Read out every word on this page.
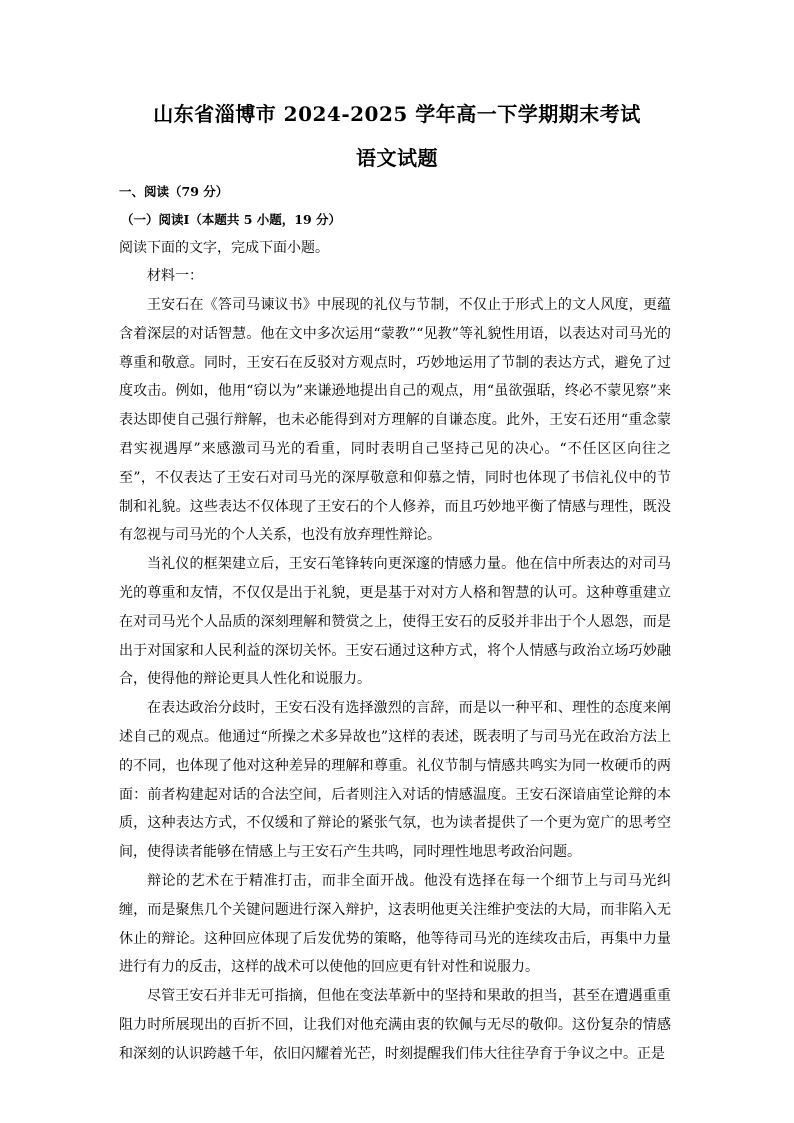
山东省淄博市 2024-2025 学年高一下学期期末考试
语文试题
一、阅读（79 分）
（一）阅读Ⅰ（本题共 5 小题，19 分）
阅读下面的文字，完成下面小题。
材料一：

王安石在《答司马谏议书》中展现的礼仪与节制，不仅止于形式上的文人风度，更蕴含着深层的对话智慧。他在文中多次运用“蒙教”“见教”等礼貌性用语，以表达对司马光的尊重和敬意。同时，王安石在反驳对方观点时，巧妙地运用了节制的表达方式，避免了过度攻击。例如，他用“窃以为”来谦逊地提出自己的观点，用“虽欲强聒，终必不蒙见察”来表达即使自己强行辩解，也未必能得到对方理解的自谦态度。此外，王安石还用“重念蒙君实视遇厚”来感激司马光的看重，同时表明自己坚持己见的决心。“不任区区向往之至”，不仅表达了王安石对司马光的深厚敬意和仰慕之情，同时也体现了书信礼仪中的节制和礼貌。这些表达不仅体现了王安石的个人修养，而且巧妙地平衡了情感与理性，既没有忽视与司马光的个人关系，也没有放弃理性辩论。

当礼仪的框架建立后，王安石笔锋转向更深邃的情感力量。他在信中所表达的对司马光的尊重和友情，不仅仅是出于礼貌，更是基于对对方人格和智慧的认可。这种尊重建立在对司马光个人品质的深刻理解和赞赏之上，使得王安石的反驳并非出于个人恩怨，而是出于对国家和人民利益的深切关怀。王安石通过这种方式，将个人情感与政治立场巧妙融合，使得他的辩论更具人性化和说服力。

在表达政治分歧时，王安石没有选择激烈的言辞，而是以一种平和、理性的态度来阐述自己的观点。他通过“所操之术多异故也”这样的表述，既表明了与司马光在政治方法上的不同，也体现了他对这种差异的理解和尊重。礼仪节制与情感共鸣实为同一枚硬币的两面：前者构建起对话的合法空间，后者则注入对话的情感温度。王安石深谙庙堂论辩的本质，这种表达方式，不仅缓和了辩论的紧张气氛，也为读者提供了一个更为宽广的思考空间，使得读者能够在情感上与王安石产生共鸣，同时理性地思考政治问题。

辩论的艺术在于精准打击，而非全面开战。他没有选择在每一个细节上与司马光纠缠，而是聚焦几个关键问题进行深入辩护，这表明他更关注维护变法的大局，而非陷入无休止的辩论。这种回应体现了后发优势的策略，他等待司马光的连续攻击后，再集中力量进行有力的反击，这样的战术可以使他的回应更有针对性和说服力。

尽管王安石并非无可指摘，但他在变法革新中的坚持和果敢的担当，甚至在遭遇重重阻力时所展现出的百折不回，让我们对他充满由衷的钦佩与无尽的敬仰。这份复杂的情感和深刻的认识跨越千年，依旧闪耀着光芒，时刻提醒我们伟大往往孕育于争议之中。正是
